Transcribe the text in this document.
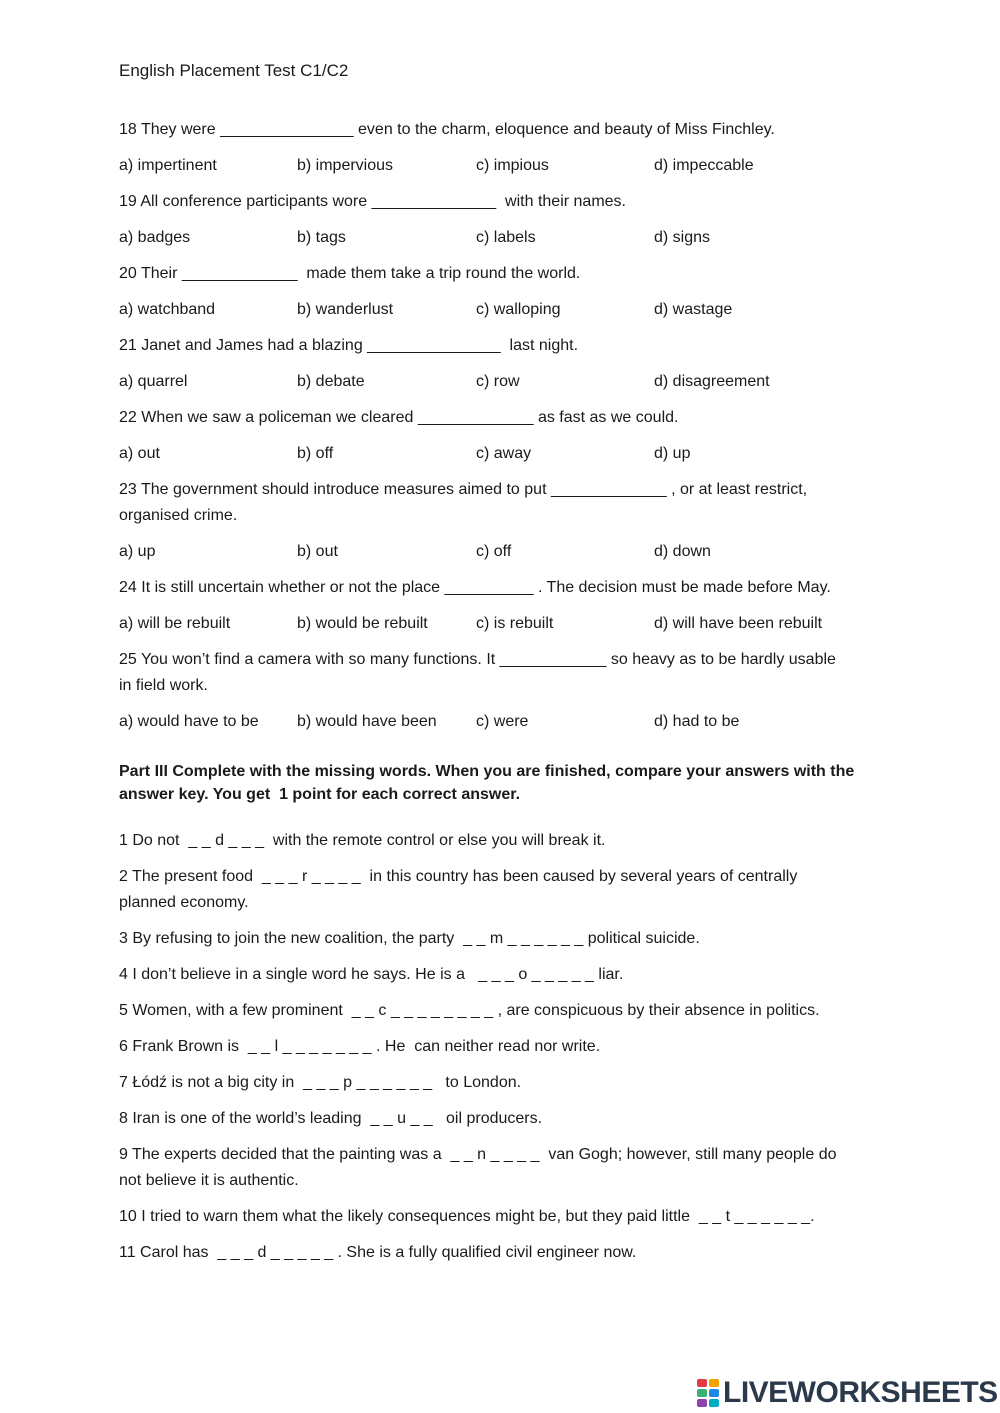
English Placement Test C1/C2
18 They were _______________ even to the charm, eloquence and beauty of Miss Finchley.
a) impertinent	b) impervious	c) impious	d) impeccable
19 All conference participants wore ______________  with their names.
a) badges	b) tags	c) labels	d) signs
20 Their _____________  made them take a trip round the world.
a) watchband	b) wanderlust	c) walloping	d) wastage
21 Janet and James had a blazing _______________  last night.
a) quarrel	b) debate	c) row	d) disagreement
22 When we saw a policeman we cleared _____________ as fast as we could.
a) out	b) off	c) away	d) up
23 The government should introduce measures aimed to put _____________ , or at least restrict,
organised crime.
a) up	b) out	c) off	d) down
24 It is still uncertain whether or not the place __________ . The decision must be made before May.
a) will be rebuilt	b) would be rebuilt	c) is rebuilt	d) will have been rebuilt
25 You won’t find a camera with so many functions. It ____________ so heavy as to be hardly usable
in field work.
a) would have to be b) would have been c) were	d) had to be
Part III Complete with the missing words. When you are finished, compare your answers with the
answer key. You get  1 point for each correct answer.
1 Do not  _ _ d _ _ _  with the remote control or else you will break it.
2 The present food  _ _ _ r _ _ _ _  in this country has been caused by several years of centrally
planned economy.
3 By refusing to join the new coalition, the party  _ _ m _ _ _ _ _ _ political suicide.
4 I don’t believe in a single word he says. He is a   _ _ _ o _ _ _ _ _ liar.
5 Women, with a few prominent  _ _ c _ _ _ _ _ _ _ _ , are conspicuous by their absence in politics.
6 Frank Brown is  _ _ l _ _ _ _ _ _ _ . He  can neither read nor write.
7 Łódź is not a big city in  _ _ _ p _ _ _ _ _ _   to London.
8 Iran is one of the world’s leading  _ _ u _ _   oil producers.
9 The experts decided that the painting was a  _ _ n _ _ _ _  van Gogh; however, still many people do
not believe it is authentic.
10 I tried to warn them what the likely consequences might be, but they paid little  _ _ t _ _ _ _ _ _.
11 Carol has  _ _ _ d _ _ _ _ _ . She is a fully qualified civil engineer now.
LIVEWORKSHEETS
